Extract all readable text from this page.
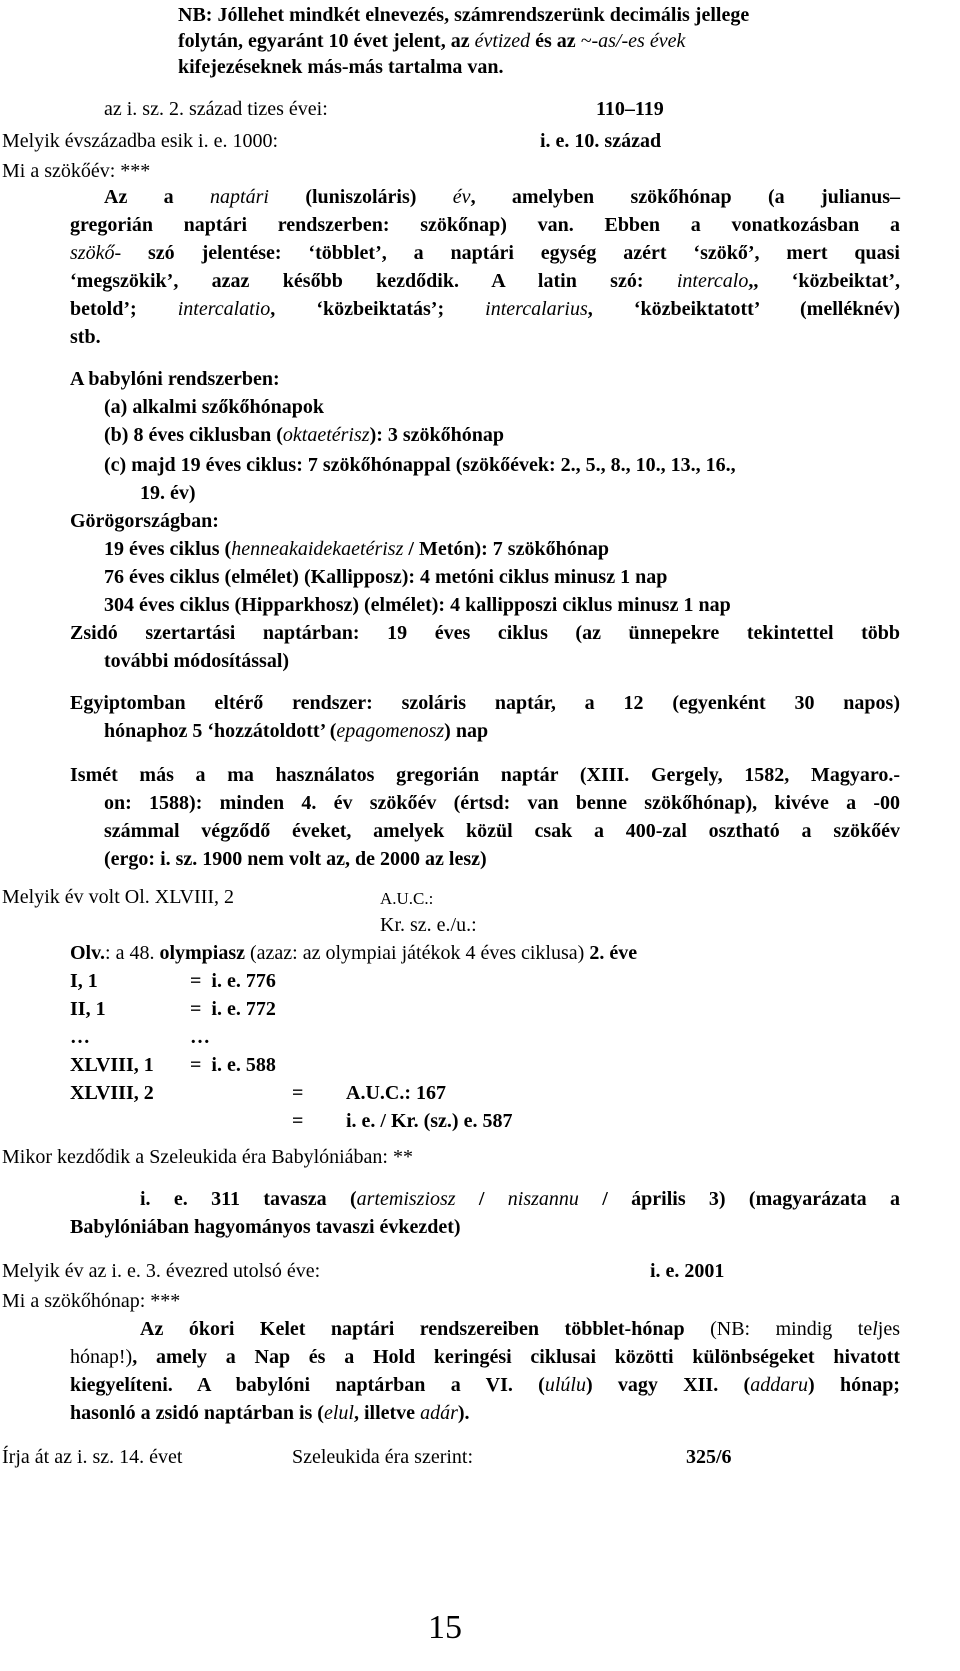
NB: Jóllehet mindkét elnevezés, számrendszerünk decimális jellege
folytán, egyaránt 10 évet jelent, az évtized és az ~-as/-es évek
kifejezéseknek más-más tartalma van.
az i. sz. 2. század tizes évei:	110–119
Melyik évszázadba esik i. e. 1000:	i. e. 10. század
Mi a szökőév: ***
Az a naptári (luniszoláris) év, amelyben szökőhónap (a julianus–
gregorián naptári rendszerben: szökőnap) van. Ebben a vonatkozásban a
szökő- szó jelentése: ‘többlet’, a naptári egység azért ‘szökő’, mert quasi
‘megszökik’, azaz később kezdődik. A latin szó: intercalo,, ‘közbeiktat’,
betold’; intercalatio, ‘közbeiktatás’; intercalarius, ‘közbeiktatott’ (melléknév)
stb.
A babylóni rendszerben:
(a) alkalmi szőkőhónapok
(b) 8 éves ciklusban (oktaetérisz): 3 szökőhónap
(c) majd 19 éves ciklus: 7 szökőhónappal (szökőévek: 2., 5., 8., 10., 13., 16.,
19. év)
Görögországban:
19 éves ciklus (henneakaidekaetérisz / Metón): 7 szökőhónap
76 éves ciklus (elmélet) (Kallipposz): 4 metóni ciklus minusz 1 nap
304 éves ciklus (Hipparkhosz) (elmélet): 4 kallipposzi ciklus minusz 1 nap
Zsidó szertartási naptárban: 19 éves ciklus (az ünnepekre tekintettel több
további módosítással)
Egyiptomban eltérő rendszer: szoláris naptár, a 12 (egyenként 30 napos)
hónaphoz 5 ‘hozzátoldott’ (epagomenosz) nap
Ismét más a ma használatos gregorián naptár (XIII. Gergely, 1582, Magyaro.-
on: 1588): minden 4. év szökőév (értsd: van benne szökőhónap), kivéve a -00
számmal végződő éveket, amelyek közül csak a 400-zal osztható a szökőév
(ergo: i. sz. 1900 nem volt az, de 2000 az lesz)
Melyik év volt Ol. XLVIII, 2	A.U.C.:
Kr. sz. e./u.:
Olv.: a 48. olympiasz (azaz: az olympiai játékok 4 éves ciklusa) 2. éve
I, 1	= i. e. 776
II, 1	= i. e. 772
…	…
XLVIII, 1 = i. e. 588
XLVIII, 2	= A.U.C.: 167
= i. e. / Kr. (sz.) e. 587
Mikor kezdődik a Szeleukida éra Babylóniában: **
i. e. 311 tavasza (artemisziosz / niszannu / április 3) (magyarázata a
Babylóniában hagyományos tavaszi évkezdet)
Melyik év az i. e. 3. évezred utolsó éve:	i. e. 2001
Mi a szökőhónap: ***
Az ókori Kelet naptári rendszereiben többlet-hónap (NB: mindig teljes
hónap!), amely a Nap és a Hold keringési ciklusai közötti különbségeket hivatott
kiegyelíteni. A babylóni naptárban a VI. (ulúlu) vagy XII. (addaru) hónap;
hasonló a zsidó naptárban is (elul, illetve adár).
Írja át az i. sz. 14. évet	Szeleukida éra szerint:	325/6
15
